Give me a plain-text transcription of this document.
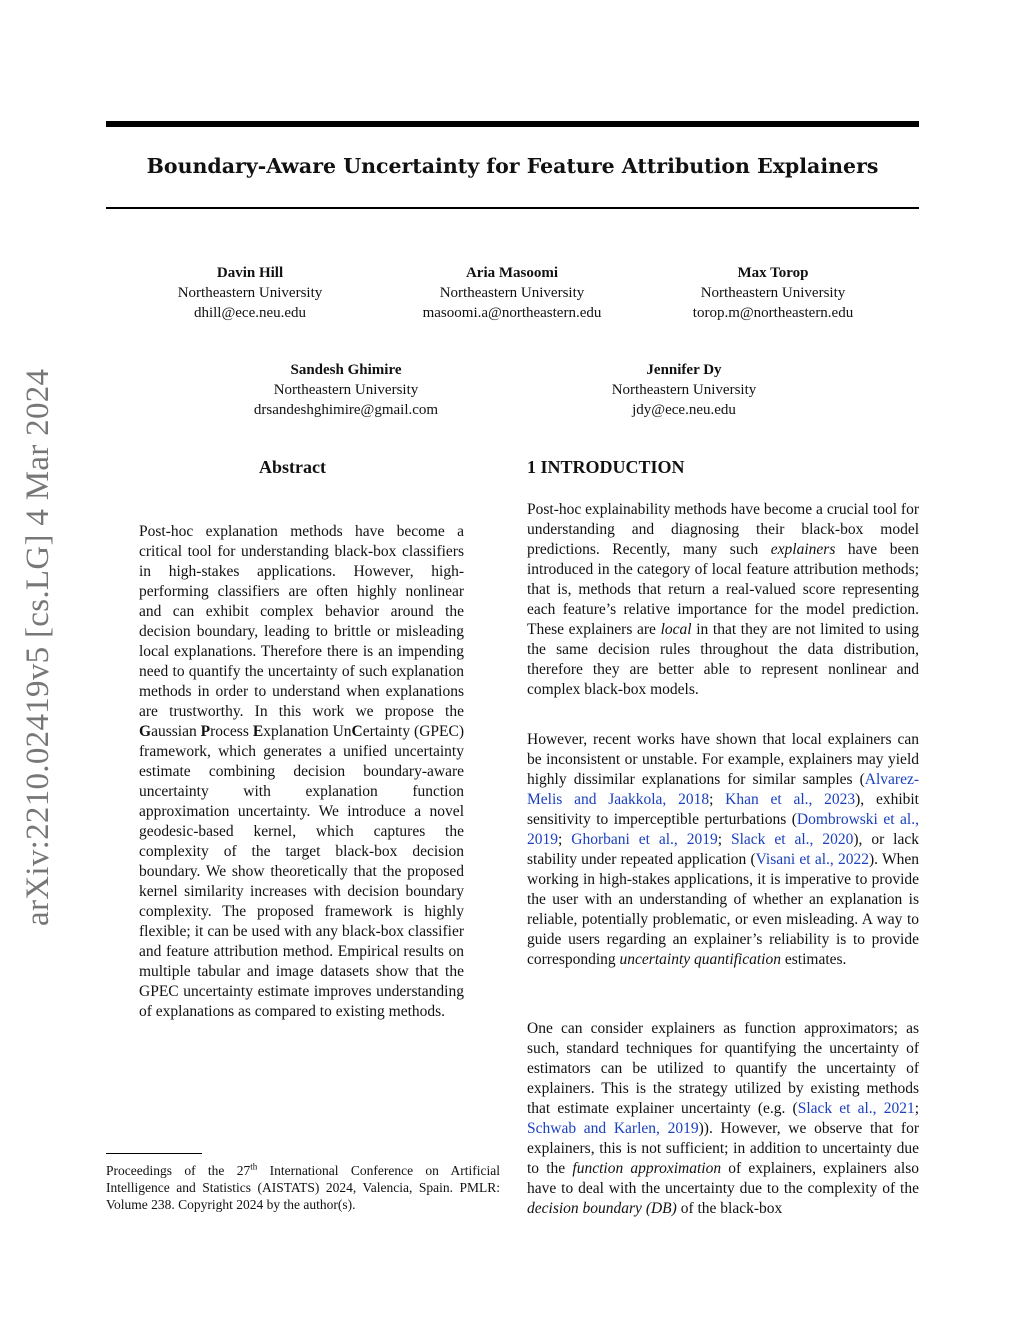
arXiv:2210.02419v5 [cs.LG] 4 Mar 2024
Boundary-Aware Uncertainty for Feature Attribution Explainers
Davin Hill
Northeastern University
dhill@ece.neu.edu
Aria Masoomi
Northeastern University
masoomi.a@northeastern.edu
Max Torop
Northeastern University
torop.m@northeastern.edu
Sandesh Ghimire
Northeastern University
drsandeshghimire@gmail.com
Jennifer Dy
Northeastern University
jdy@ece.neu.edu
Abstract

Post-hoc explanation methods have become a critical tool for understanding black-box classifiers in high-stakes applications. However, high-performing classifiers are often highly nonlinear and can exhibit complex behavior around the decision boundary, leading to brittle or misleading local explanations. Therefore there is an impending need to quantify the uncertainty of such explanation methods in order to understand when explanations are trustworthy. In this work we propose the Gaussian Process Explanation UnCertainty (GPEC) framework, which generates a unified uncertainty estimate combining decision boundary-aware uncertainty with explanation function approximation uncertainty. We introduce a novel geodesic-based kernel, which captures the complexity of the target black-box decision boundary. We show theoretically that the proposed kernel similarity increases with decision boundary complexity. The proposed framework is highly flexible; it can be used with any black-box classifier and feature attribution method. Empirical results on multiple tabular and image datasets show that the GPEC uncertainty estimate improves understanding of explanations as compared to existing methods.

Proceedings of the 27th International Conference on Artificial Intelligence and Statistics (AISTATS) 2024, Valencia, Spain. PMLR: Volume 238. Copyright 2024 by the author(s).

1 INTRODUCTION

Post-hoc explainability methods have become a crucial tool for understanding and diagnosing their black-box model predictions. Recently, many such explainers have been introduced in the category of local feature attribution methods; that is, methods that return a real-valued score representing each feature’s relative importance for the model prediction. These explainers are local in that they are not limited to using the same decision rules throughout the data distribution, therefore they are better able to represent nonlinear and complex black-box models.

However, recent works have shown that local explainers can be inconsistent or unstable. For example, explainers may yield highly dissimilar explanations for similar samples (Alvarez-Melis and Jaakkola, 2018; Khan et al., 2023), exhibit sensitivity to imperceptible perturbations (Dombrowski et al., 2019; Ghorbani et al., 2019; Slack et al., 2020), or lack stability under repeated application (Visani et al., 2022). When working in high-stakes applications, it is imperative to provide the user with an understanding of whether an explanation is reliable, potentially problematic, or even misleading. A way to guide users regarding an explainer’s reliability is to provide corresponding uncertainty quantification estimates.

One can consider explainers as function approximators; as such, standard techniques for quantifying the uncertainty of estimators can be utilized to quantify the uncertainty of explainers. This is the strategy utilized by existing methods that estimate explainer uncertainty (e.g. (Slack et al., 2021; Schwab and Karlen, 2019)). However, we observe that for explainers, this is not sufficient; in addition to uncertainty due to the function approximation of explainers, explainers also have to deal with the uncertainty due to the complexity of the decision boundary (DB) of the black-box
